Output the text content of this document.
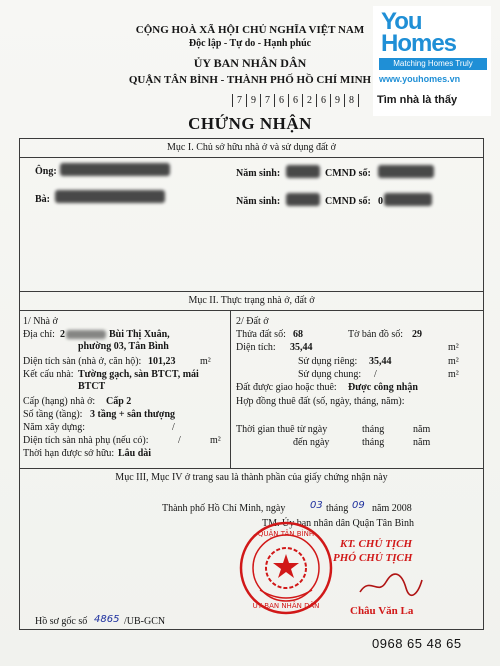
CỘNG HOÀ XÃ HỘI CHỦ NGHĨA VIỆT NAM
Độc lập - Tự do - Hạnh phúc
ỦY BAN NHÂN DÂN
QUẬN TÂN BÌNH - THÀNH PHỐ HỒ CHÍ MINH
7 9 7 6 6 2 6 9 8
CHỨNG NHẬN
Mục I. Chủ sở hữu nhà ở và sử dụng đất ở
Ông:	Năm sinh:	CMND số:
Bà:	Năm sinh:	CMND số: 0
Mục II. Thực trạng nhà ở, đất ở
1/ Nhà ở
Địa chỉ: 2	Bùi Thị Xuân,
phường 03, Tân Bình
Diện tích sàn (nhà ở, căn hộ): 101,23 m²
Kết cấu nhà: Tường gạch, sàn BTCT, mái
BTCT
Cấp (hạng) nhà ở: Cấp 2
Số tầng (tầng): 3 tầng + sân thượng
Năm xây dựng:	/
Diện tích sàn nhà phụ (nếu có):	/	m²
Thời hạn được sở hữu: Lâu dài
2/ Đất ở
Thửa đất số: 68	Tờ bản đồ số: 29
Diện tích: 35,44	m²
Sử dụng riêng: 35,44	m²
Sử dụng chung: /	m²
Đất được giao hoặc thuê: Được công nhận
Hợp đồng thuê đất (số, ngày, tháng, năm):
Thời gian thuê từ ngày	tháng	năm
đến ngày	tháng	năm
Mục III, Mục IV ở trang sau là thành phần của giấy chứng nhận này
Thành phố Hồ Chí Minh, ngày 03 tháng 09 năm 2008
TM. Ủy ban nhân dân Quận Tân Bình
QUẬN TÂN BÌNH
ỦY BAN NHÂN DÂN
KT. CHỦ TỊCH
PHÓ CHỦ TỊCH
Châu Văn La
Hồ sơ gốc số 4865 /UB-GCN
You
Homes
Matching Homes Truly
www.youhomes.vn
Tìm nhà là thấy
0968 65 48 65
